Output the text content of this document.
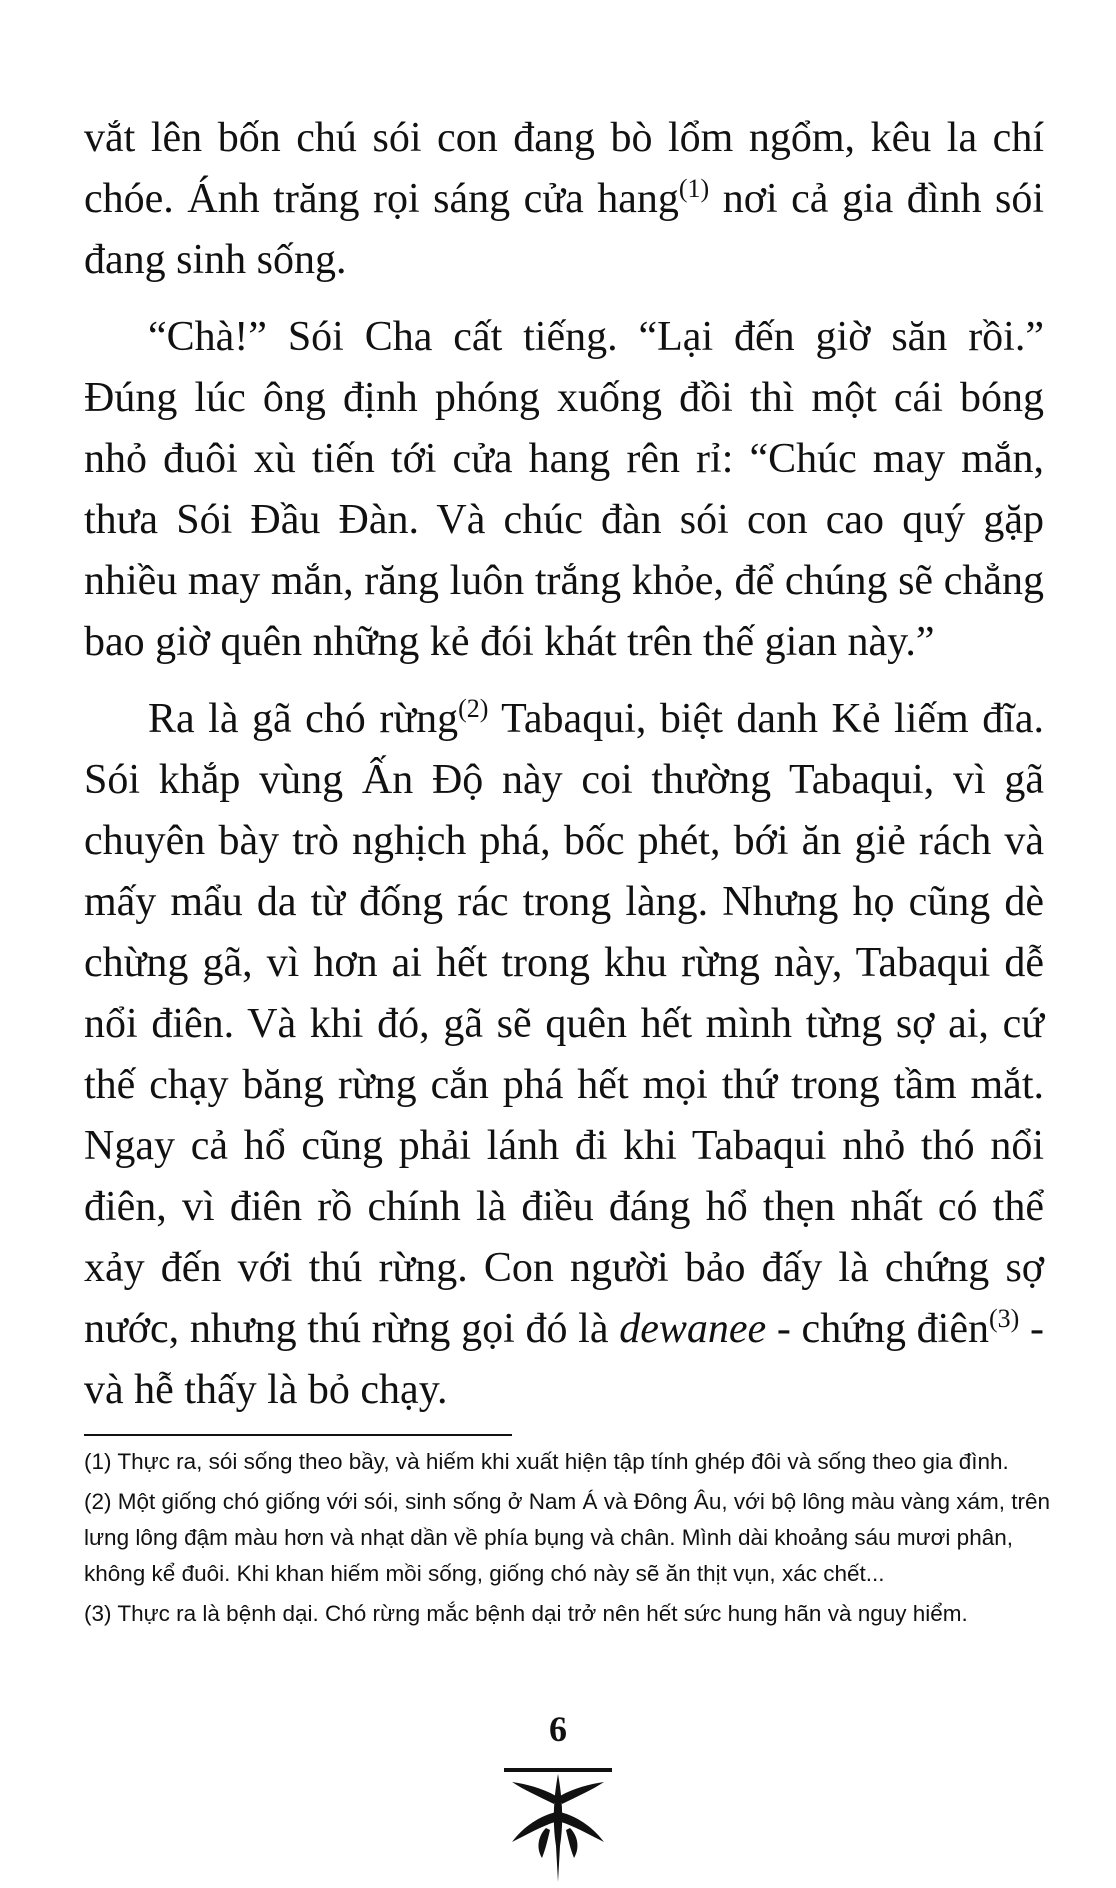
vắt lên bốn chú sói con đang bò lổm ngổm, kêu la chí chóe. Ánh trăng rọi sáng cửa hang$^{(1)}$ nơi cả gia đình sói đang sinh sống.

“Chà!” Sói Cha cất tiếng. “Lại đến giờ săn rồi.” Đúng lúc ông định phóng xuống đồi thì một cái bóng nhỏ đuôi xù tiến tới cửa hang rên rỉ: “Chúc may mắn, thưa Sói Đầu Đàn. Và chúc đàn sói con cao quý gặp nhiều may mắn, răng luôn trắng khỏe, để chúng sẽ chẳng bao giờ quên những kẻ đói khát trên thế gian này.”

Ra là gã chó rừng$^{(2)}$ Tabaqui, biệt danh Kẻ liếm đĩa. Sói khắp vùng Ấn Độ này coi thường Tabaqui, vì gã chuyên bày trò nghịch phá, bốc phét, bới ăn giẻ rách và mấy mẩu da từ đống rác trong làng. Nhưng họ cũng dè chừng gã, vì hơn ai hết trong khu rừng này, Tabaqui dễ nổi điên. Và khi đó, gã sẽ quên hết mình từng sợ ai, cứ thế chạy băng rừng cắn phá hết mọi thứ trong tầm mắt. Ngay cả hổ cũng phải lánh đi khi Tabaqui nhỏ thó nổi điên, vì điên rồ chính là điều đáng hổ thẹn nhất có thể xảy đến với thú rừng. Con người bảo đấy là chứng sợ nước, nhưng thú rừng gọi đó là dewanee - chứng điên$^{(3)}$ - và hễ thấy là bỏ chạy.

(1) Thực ra, sói sống theo bầy, và hiếm khi xuất hiện tập tính ghép đôi và sống theo gia đình.

(2) Một giống chó giống với sói, sinh sống ở Nam Á và Đông Âu, với bộ lông màu vàng xám, trên lưng lông đậm màu hơn và nhạt dần về phía bụng và chân. Mình dài khoảng sáu mươi phân, không kể đuôi. Khi khan hiếm mồi sống, giống chó này sẽ ăn thịt vụn, xác chết...

(3) Thực ra là bệnh dại. Chó rừng mắc bệnh dại trở nên hết sức hung hãn và nguy hiểm.

6
